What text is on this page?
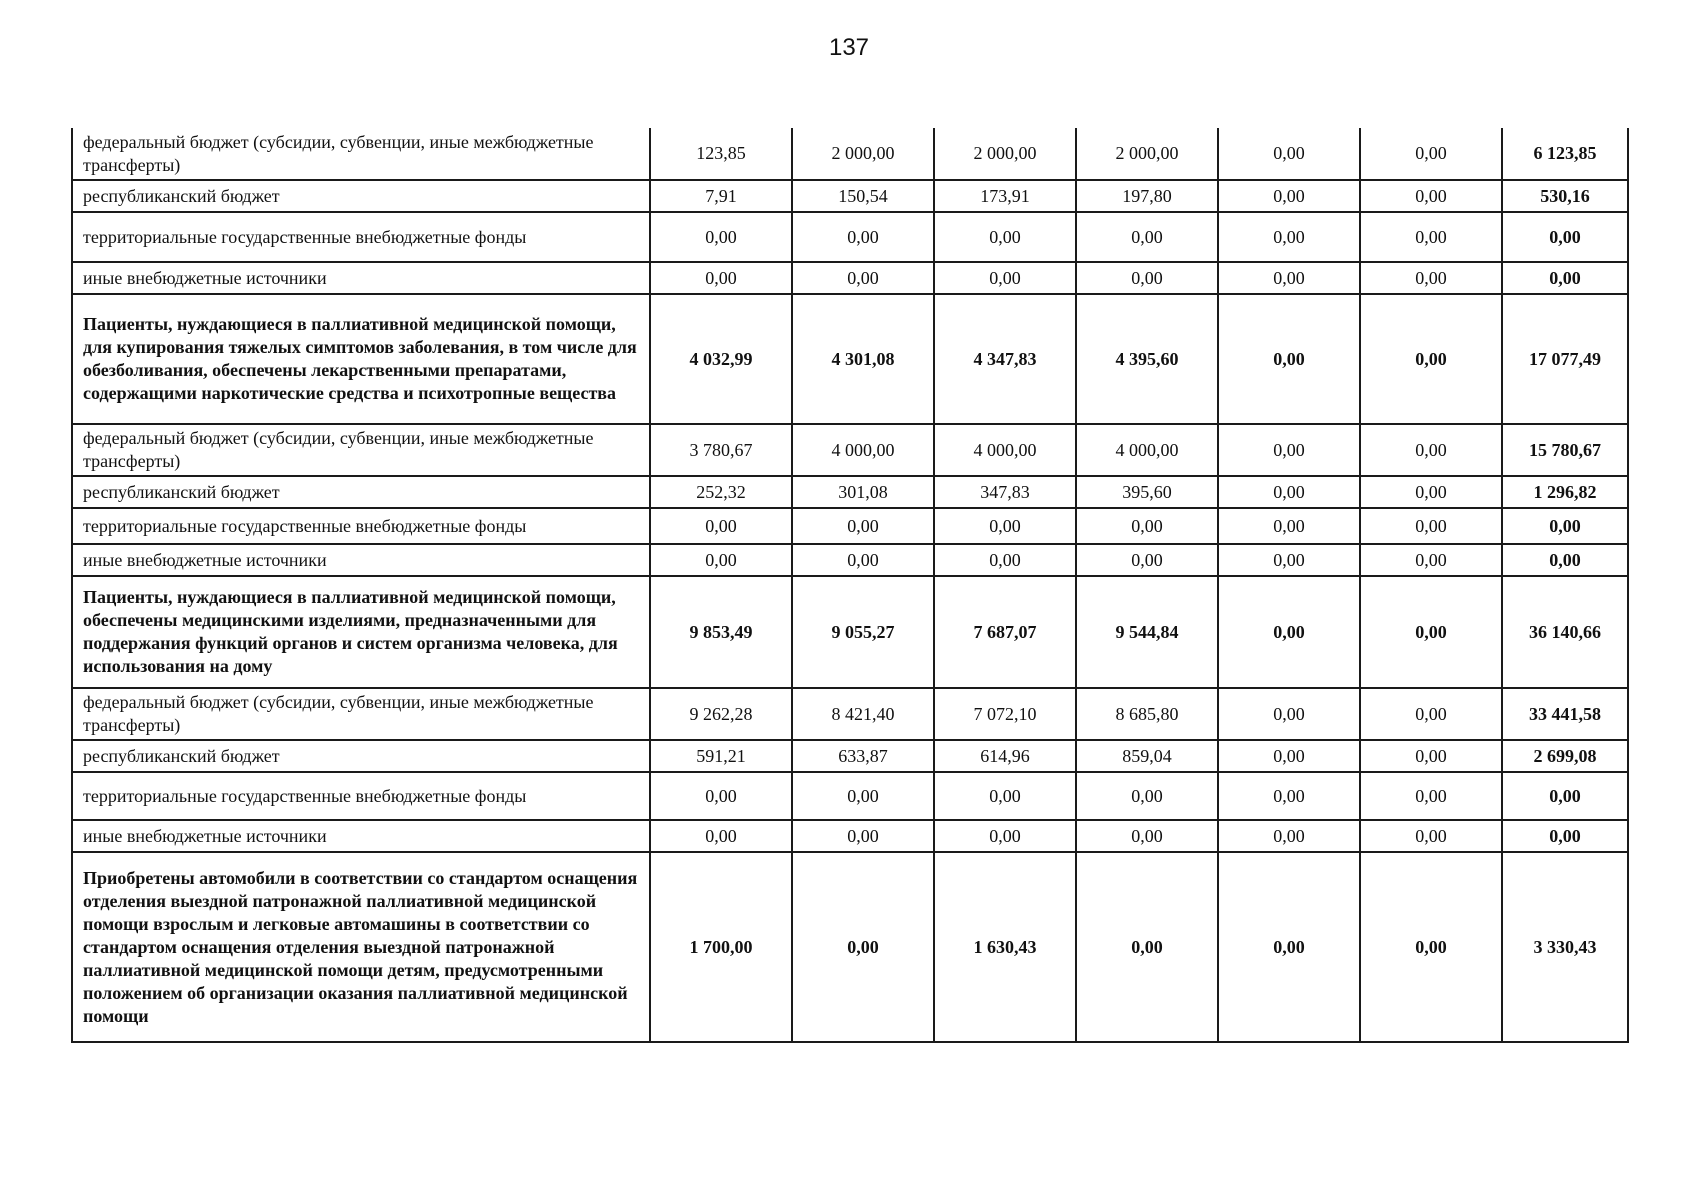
137
федеральный бюджет (субсидии, субвенции, иные межбюджетные трансферты)	123,85	2 000,00	2 000,00	2 000,00	0,00	0,00	6 123,85
республиканский бюджет	7,91	150,54	173,91	197,80	0,00	0,00	530,16
территориальные государственные внебюджетные фонды	0,00	0,00	0,00	0,00	0,00	0,00	0,00
иные внебюджетные источники	0,00	0,00	0,00	0,00	0,00	0,00	0,00
Пациенты, нуждающиеся в паллиативной медицинской помощи, для купирования тяжелых симптомов заболевания, в том числе для обезболивания, обеспечены лекарственными препаратами, содержащими наркотические средства и психотропные вещества	4 032,99	4 301,08	4 347,83	4 395,60	0,00	0,00	17 077,49
федеральный бюджет (субсидии, субвенции, иные межбюджетные трансферты)	3 780,67	4 000,00	4 000,00	4 000,00	0,00	0,00	15 780,67
республиканский бюджет	252,32	301,08	347,83	395,60	0,00	0,00	1 296,82
территориальные государственные внебюджетные фонды	0,00	0,00	0,00	0,00	0,00	0,00	0,00
иные внебюджетные источники	0,00	0,00	0,00	0,00	0,00	0,00	0,00
Пациенты, нуждающиеся в паллиативной медицинской помощи, обеспечены медицинскими изделиями, предназначенными для поддержания функций органов и систем организма человека, для использования на дому	9 853,49	9 055,27	7 687,07	9 544,84	0,00	0,00	36 140,66
федеральный бюджет (субсидии, субвенции, иные межбюджетные трансферты)	9 262,28	8 421,40	7 072,10	8 685,80	0,00	0,00	33 441,58
республиканский бюджет	591,21	633,87	614,96	859,04	0,00	0,00	2 699,08
территориальные государственные внебюджетные фонды	0,00	0,00	0,00	0,00	0,00	0,00	0,00
иные внебюджетные источники	0,00	0,00	0,00	0,00	0,00	0,00	0,00
Приобретены автомобили в соответствии со стандартом оснащения отделения выездной патронажной паллиативной медицинской помощи взрослым и легковые автомашины в соответствии со стандартом оснащения отделения выездной патронажной паллиативной медицинской помощи детям, предусмотренными положением об организации оказания паллиативной медицинской помощи	1 700,00	0,00	1 630,43	0,00	0,00	0,00	3 330,43
